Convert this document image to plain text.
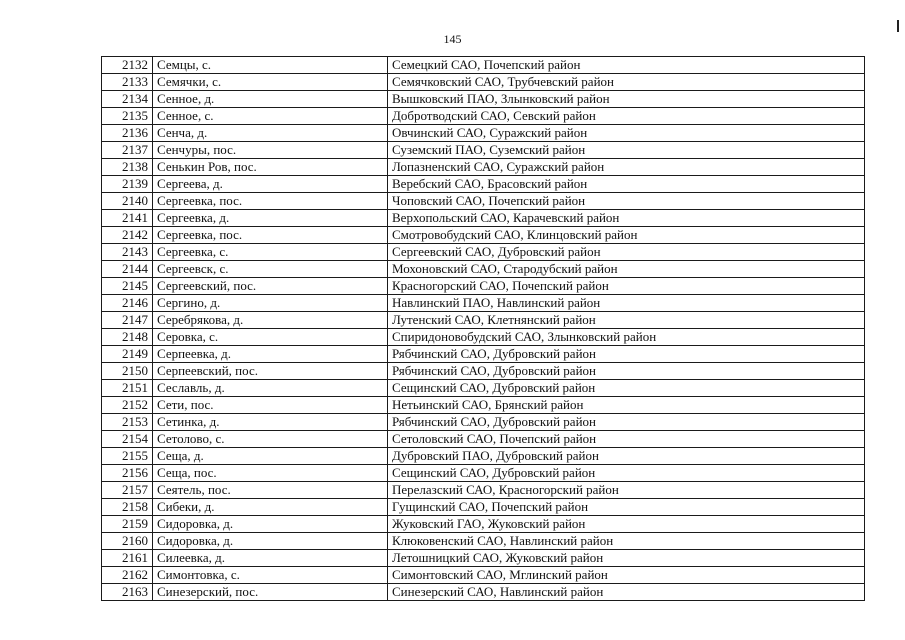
145
2132	Семцы, с.	Семецкий САО, Почепский район
2133	Семячки, с.	Семячковский САО, Трубчевский район
2134	Сенное, д.	Вышковский ПАО, Злынковский район
2135	Сенное, с.	Добротводский САО, Севский район
2136	Сенча, д.	Овчинский САО, Суражский район
2137	Сенчуры, пос.	Суземский ПАО, Суземский район
2138	Сенькин Ров, пос.	Лопазненский САО, Суражский район
2139	Сергеева, д.	Веребский САО, Брасовский район
2140	Сергеевка, пос.	Чоповский САО, Почепский район
2141	Сергеевка, д.	Верхопольский САО, Карачевский район
2142	Сергеевка, пос.	Смотровобудский САО, Клинцовский район
2143	Сергеевка, с.	Сергеевский САО, Дубровский район
2144	Сергеевск, с.	Мохоновский САО, Стародубский район
2145	Сергеевский, пос.	Красногорский САО, Почепский район
2146	Сергино, д.	Навлинский ПАО, Навлинский район
2147	Серебрякова, д.	Лутенский САО, Клетнянский район
2148	Серовка, с.	Спиридоновобудский САО, Злынковский район
2149	Серпеевка, д.	Рябчинский САО, Дубровский район
2150	Серпеевский, пос.	Рябчинский САО, Дубровский район
2151	Сеславль, д.	Сещинский САО, Дубровский район
2152	Сети, пос.	Нетьинский САО, Брянский район
2153	Сетинка, д.	Рябчинский САО, Дубровский район
2154	Сетолово, с.	Сетоловский САО, Почепский район
2155	Сеща, д.	Дубровский ПАО, Дубровский район
2156	Сеща, пос.	Сещинский САО, Дубровский район
2157	Сеятель, пос.	Перелазский САО, Красногорский район
2158	Сибеки, д.	Гущинский САО, Почепский район
2159	Сидоровка, д.	Жуковский ГАО, Жуковский район
2160	Сидоровка, д.	Клюковенский САО, Навлинский район
2161	Силеевка, д.	Летошницкий САО, Жуковский район
2162	Симонтовка, с.	Симонтовский САО, Мглинский район
2163	Синезерский, пос.	Синезерский САО, Навлинский район
